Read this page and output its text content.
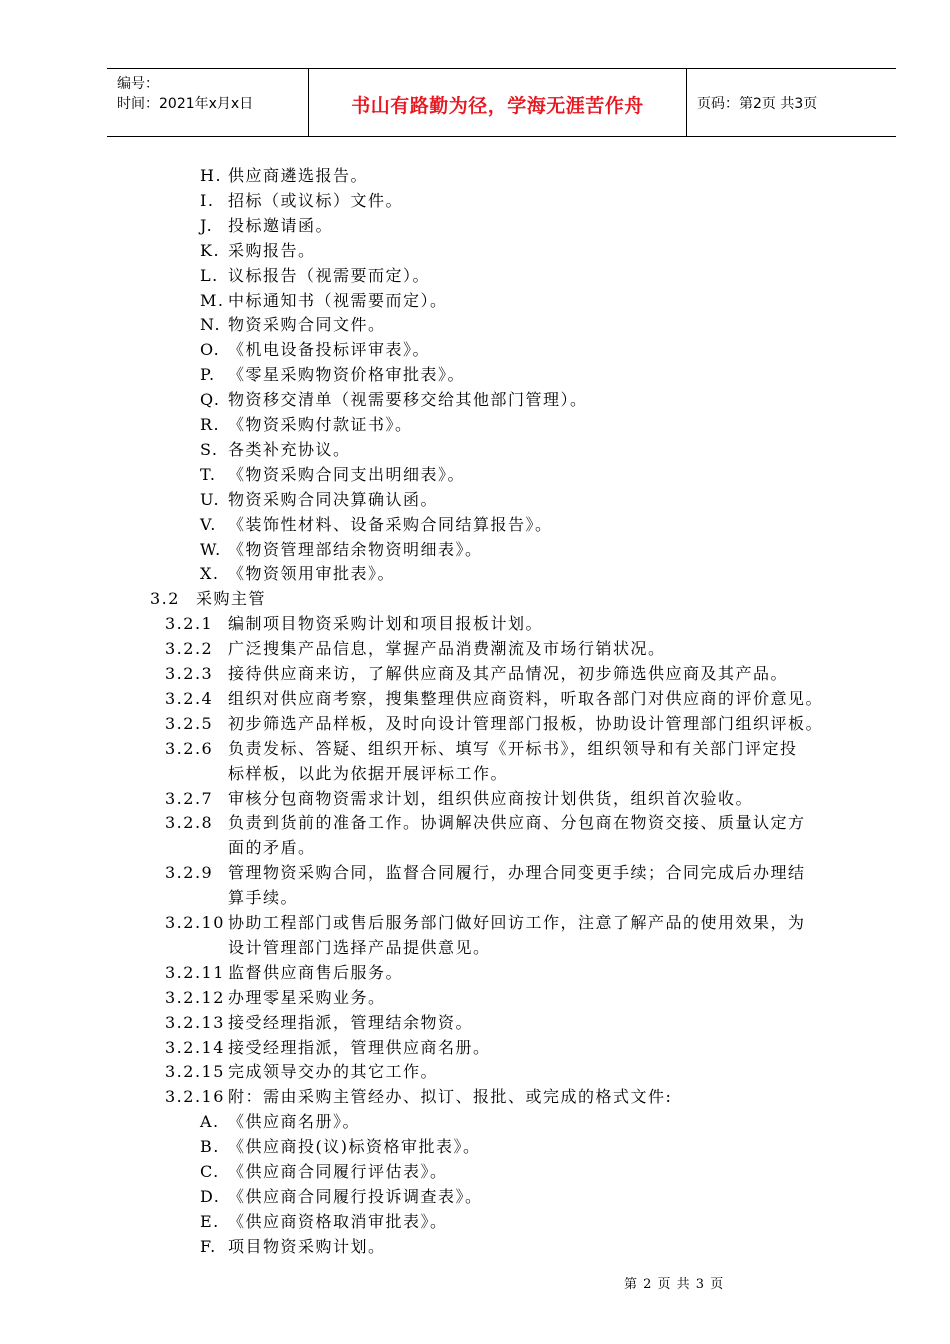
编号：
时间：2021年x月x日	书山有路勤为径，学海无涯苦作舟	页码：第2页 共3页
H. 供应商遴选报告。
I. 招标（或议标）文件。
J. 投标邀请函。
K. 采购报告。
L. 议标报告（视需要而定）。
M. 中标通知书（视需要而定）。
N. 物资采购合同文件。
O. 《机电设备投标评审表》。
P. 《零星采购物资价格审批表》。
Q. 物资移交清单（视需要移交给其他部门管理）。
R. 《物资采购付款证书》。
S. 各类补充协议。
T. 《物资采购合同支出明细表》。
U. 物资采购合同决算确认函。
V. 《装饰性材料、设备采购合同结算报告》。
W. 《物资管理部结余物资明细表》。
X. 《物资领用审批表》。
3.2 采购主管
3.2.1 编制项目物资采购计划和项目报板计划。
3.2.2 广泛搜集产品信息，掌握产品消费潮流及市场行销状况。
3.2.3 接待供应商来访，了解供应商及其产品情况，初步筛选供应商及其产品。
3.2.4 组织对供应商考察，搜集整理供应商资料，听取各部门对供应商的评价意见。
3.2.5 初步筛选产品样板，及时向设计管理部门报板，协助设计管理部门组织评板。
3.2.6 负责发标、答疑、组织开标、填写《开标书》，组织领导和有关部门评定投
标样板，以此为依据开展评标工作。
3.2.7 审核分包商物资需求计划，组织供应商按计划供货，组织首次验收。
3.2.8 负责到货前的准备工作。协调解决供应商、分包商在物资交接、质量认定方
面的矛盾。
3.2.9 管理物资采购合同，监督合同履行，办理合同变更手续；合同完成后办理结
算手续。
3.2.10 协助工程部门或售后服务部门做好回访工作，注意了解产品的使用效果，为
设计管理部门选择产品提供意见。
3.2.11 监督供应商售后服务。
3.2.12 办理零星采购业务。
3.2.13 接受经理指派，管理结余物资。
3.2.14 接受经理指派，管理供应商名册。
3.2.15 完成领导交办的其它工作。
3.2.16 附：需由采购主管经办、拟订、报批、或完成的格式文件:
A. 《供应商名册》。
B. 《供应商投(议)标资格审批表》。
C. 《供应商合同履行评估表》。
D. 《供应商合同履行投诉调查表》。
E. 《供应商资格取消审批表》。
F. 项目物资采购计划。
第 2 页 共 3 页
